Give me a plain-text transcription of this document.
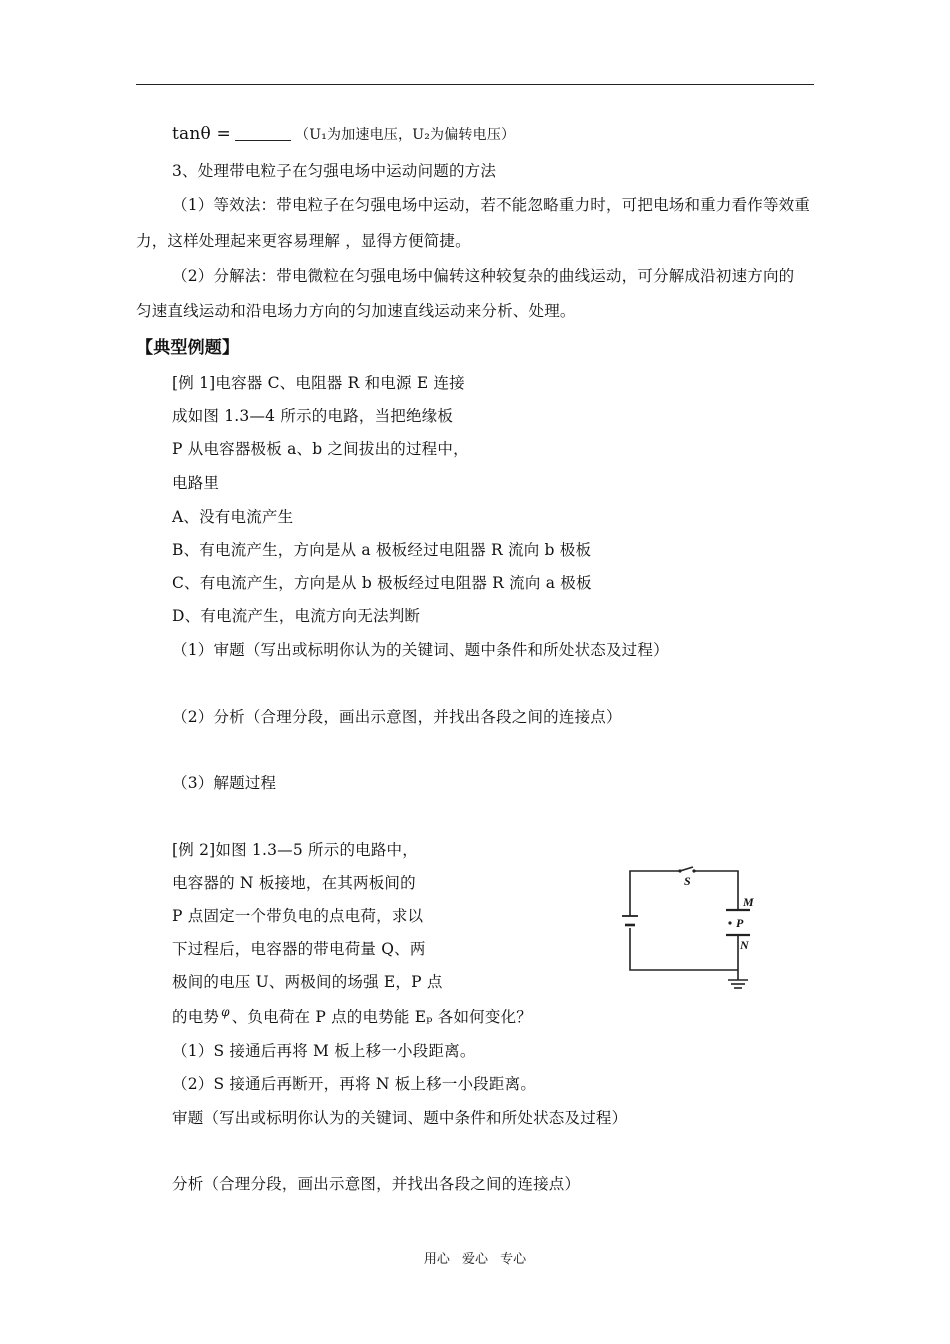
tanθ =	（U₁为加速电压，U₂为偏转电压）
3、处理带电粒子在匀强电场中运动问题的方法
（1）等效法：带电粒子在匀强电场中运动，若不能忽略重力时，可把电场和重力看作等效重
力，这样处理起来更容易理解 ，显得方便简捷。
（2）分解法：带电微粒在匀强电场中偏转这种较复杂的曲线运动，可分解成沿初速方向的
匀速直线运动和沿电场力方向的匀加速直线运动来分析、处理。
【典型例题】
[例 1]电容器 C、电阻器 R 和电源 E 连接
成如图 1.3—4 所示的电路，当把绝缘板
P 从电容器极板 a、b 之间拔出的过程中，
电路里
A、没有电流产生
B、有电流产生，方向是从 a 极板经过电阻器 R 流向 b 极板
C、有电流产生，方向是从 b 极板经过电阻器 R 流向 a 极板
D、有电流产生，电流方向无法判断
（1）审题（写出或标明你认为的关键词、题中条件和所处状态及过程）
（2）分析（合理分段，画出示意图，并找出各段之间的连接点）
（3）解题过程
[例 2]如图 1.3—5 所示的电路中，
电容器的 N 板接地，在其两板间的
P 点固定一个带负电的点电荷，求以
下过程后，电容器的带电荷量 Q、两
极间的电压 U、两极间的场强 E，P 点
的电势 $^\varphi$ 、负电荷在 P 点的电势能 Eₚ 各如何变化？
（1）S 接通后再将 M 板上移一小段距离。
（2）S 接通后再断开，再将 N 板上移一小段距离。
审题（写出或标明你认为的关键词、题中条件和所处状态及过程）
分析（合理分段，画出示意图，并找出各段之间的连接点）
S
M
P
N
用心 爱心 专心
